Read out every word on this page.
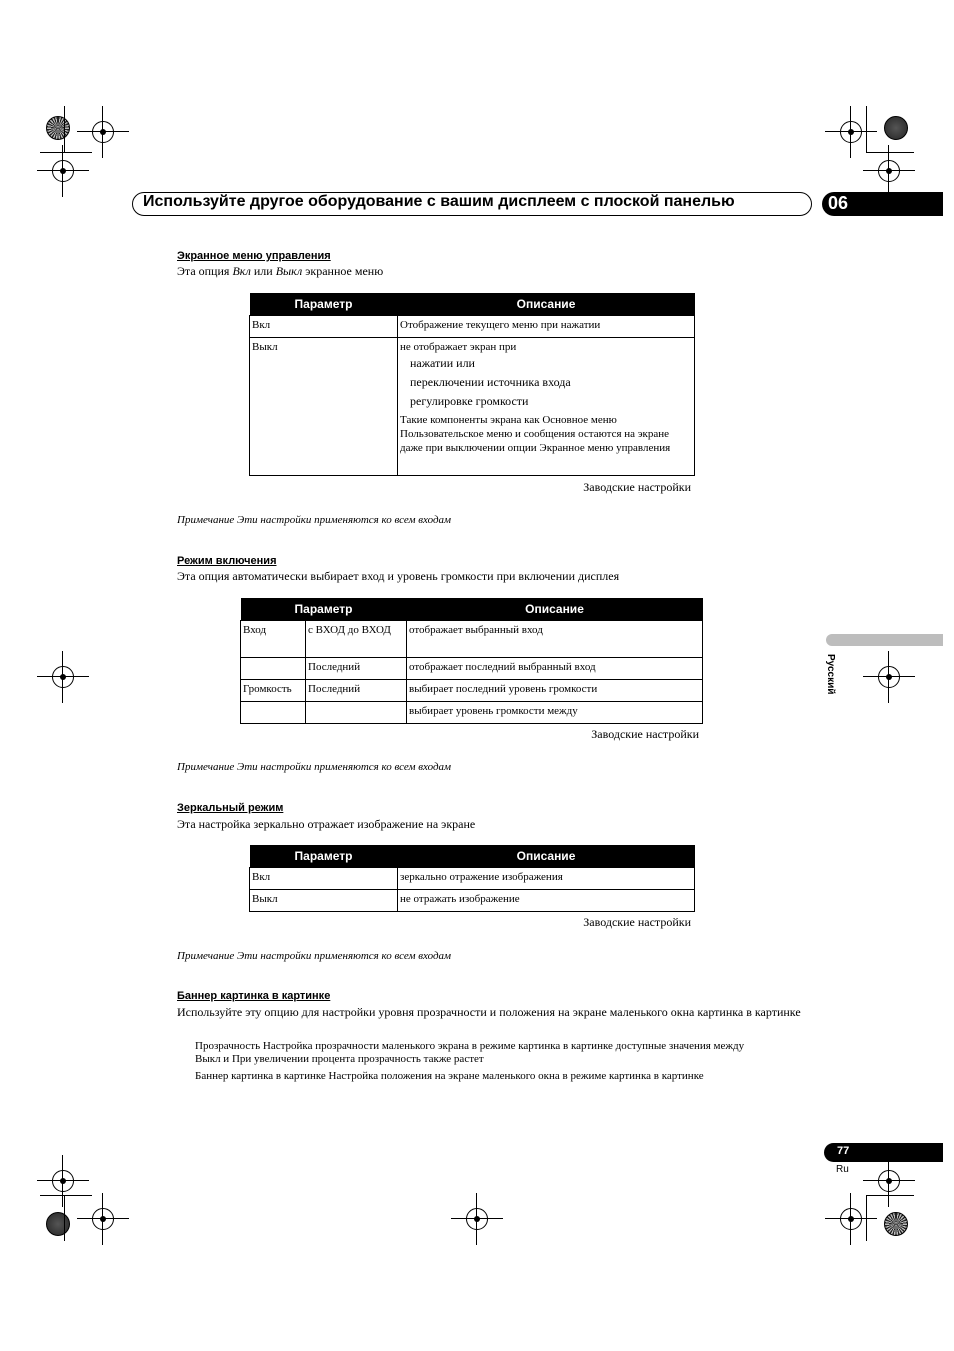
Используйте другое оборудование с вашим дисплеем с плоской панелью	06
Русский
Экранное меню управления
Эта опция Вкл или Выкл экранное меню
Параметр	Описание
Вкл	Отображение текущего меню при нажатии
Выкл	не отображает экран при
нажатии или
переключении источника входа
регулировке громкости
Такие компоненты экрана как Основное меню Пользовательское меню и сообщения остаются на экране даже при выключении опции Экранное меню управления
Заводские настройки
Примечание Эти настройки применяются ко всем входам
Режим включения
Эта опция автоматически выбирает вход и уровень громкости при включении дисплея
Параметр		Описание
Вход	с ВХОД до ВХОД	отображает выбранный вход
	Последний	отображает последний выбранный вход
Громкость	Последний	выбирает последний уровень громкости
		выбирает уровень громкости между
Заводские настройки
Примечание Эти настройки применяются ко всем входам
Зеркальный режим
Эта настройка зеркально отражает изображение на экране
Параметр	Описание
Вкл	зеркально отражение изображения
Выкл	не отражать изображение
Заводские настройки
Примечание Эти настройки применяются ко всем входам
Баннер картинка в картинке
Используйте эту опцию для настройки уровня прозрачности и положения на экране маленького окна картинка в картинке
Прозрачность Настройка прозрачности маленького экрана в режиме картинка в картинке доступные значения между
Выкл и При увеличении процента прозрачность также растет
Баннер картинка в картинке Настройка положения на экране маленького окна в режиме картинка в картинке
77
Ru
